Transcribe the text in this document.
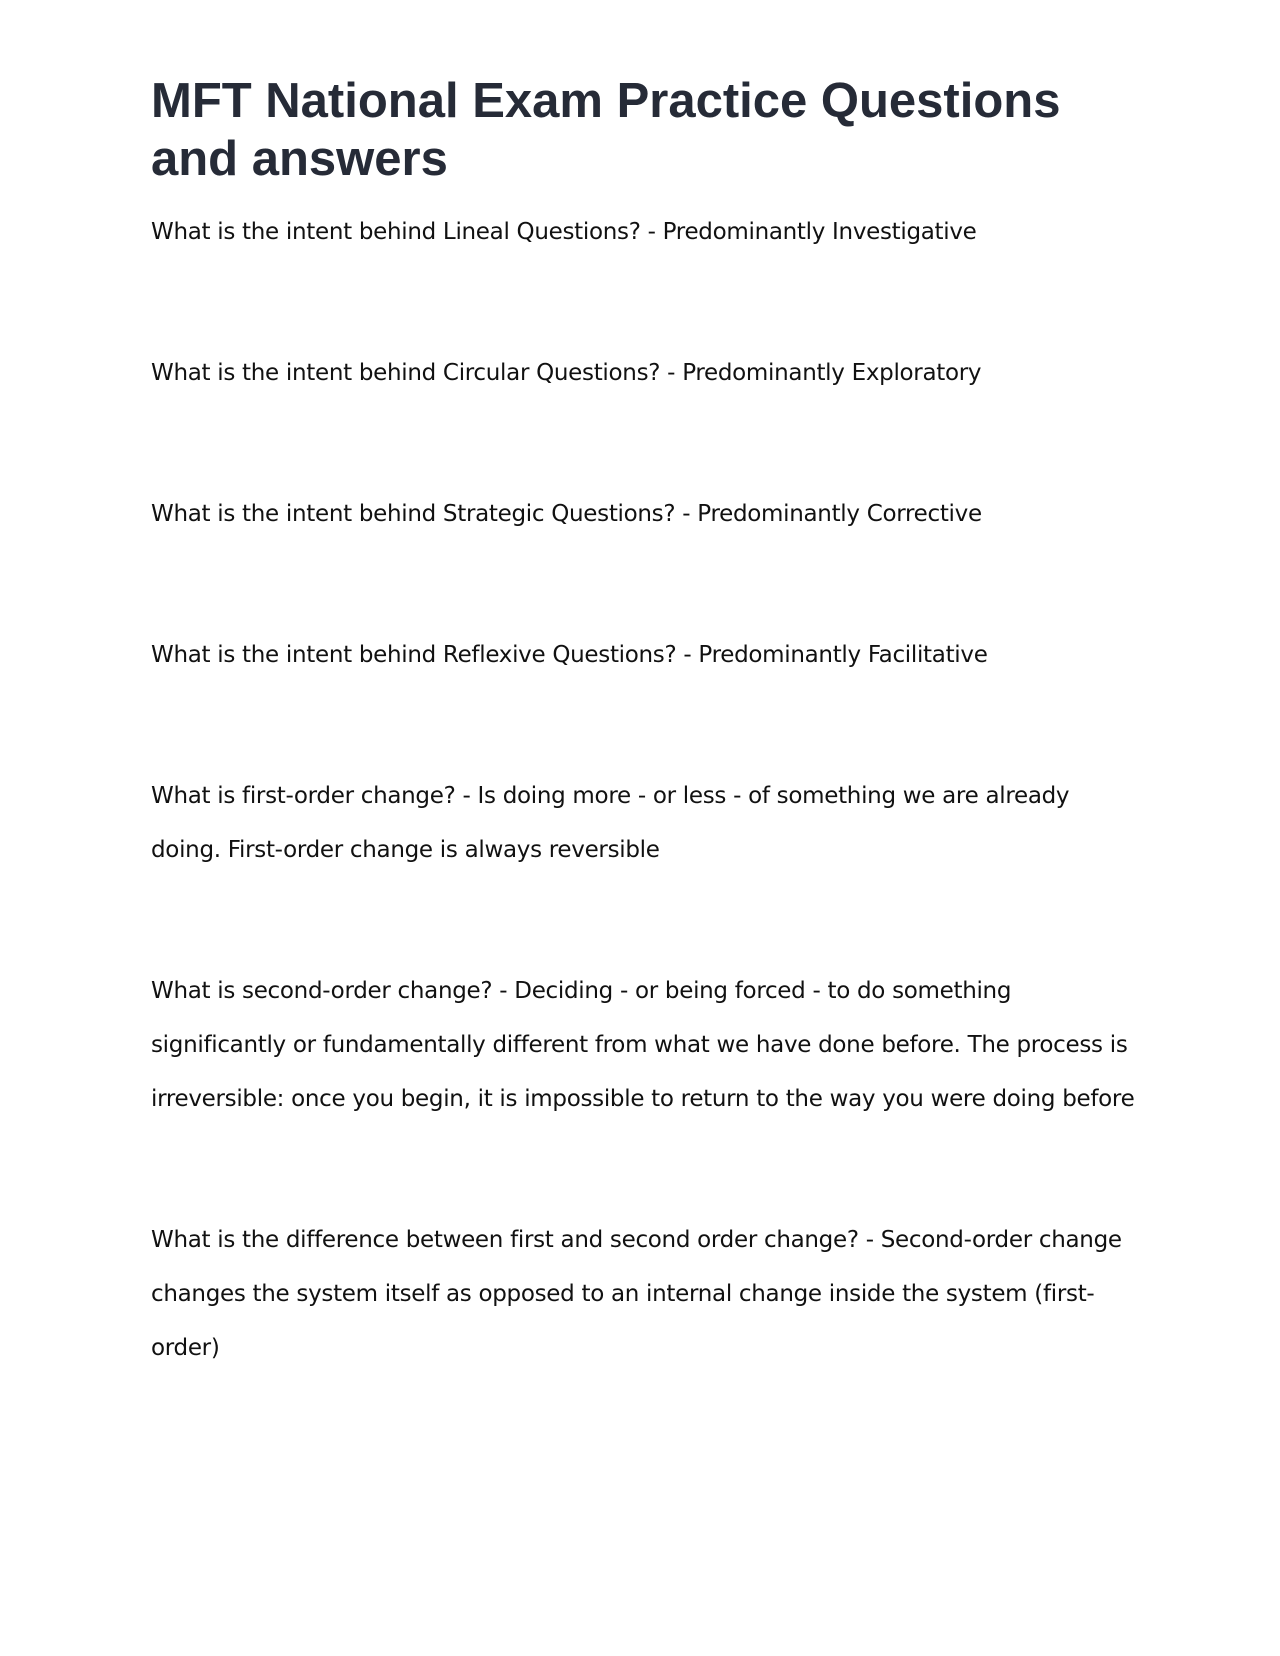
MFT National Exam Practice Questions and answers
What is the intent behind Lineal Questions? - Predominantly Investigative
What is the intent behind Circular Questions? - Predominantly Exploratory
What is the intent behind Strategic Questions? - Predominantly Corrective
What is the intent behind Reflexive Questions? - Predominantly Facilitative
What is first-order change? - Is doing more - or less - of something we are already doing. First-order change is always reversible
What is second-order change? - Deciding - or being forced - to do something significantly or fundamentally different from what we have done before. The process is irreversible: once you begin, it is impossible to return to the way you were doing before
What is the difference between first and second order change? - Second-order change changes the system itself as opposed to an internal change inside the system (first-order)
